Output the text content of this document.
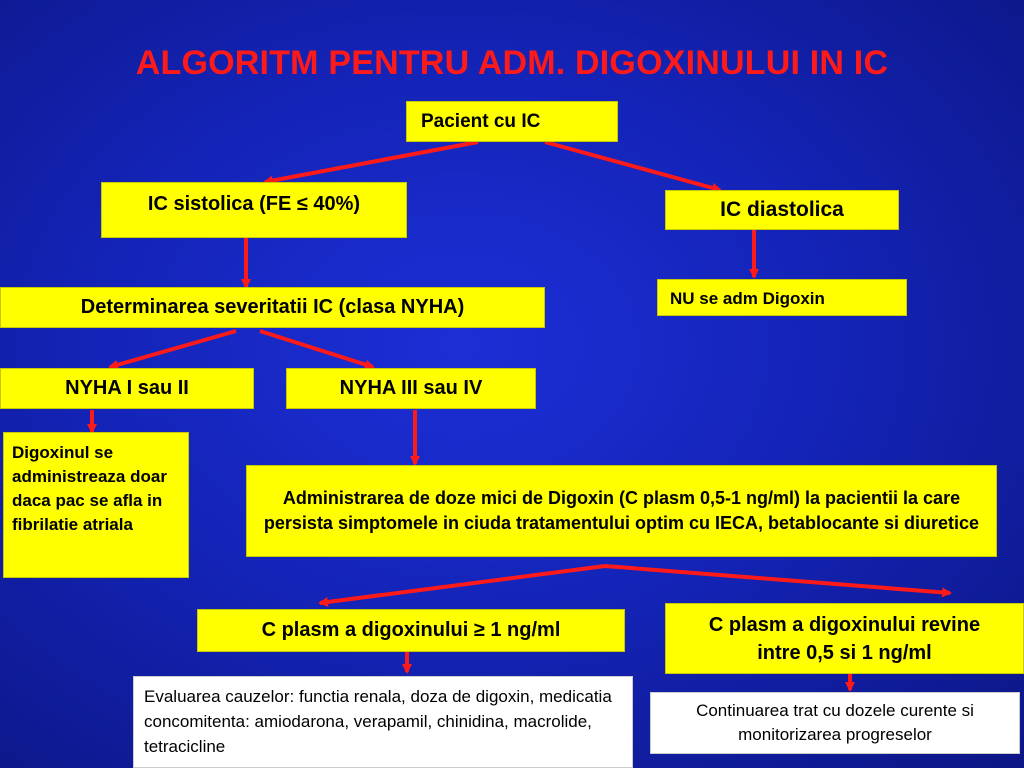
ALGORITM PENTRU ADM. DIGOXINULUI IN IC
Pacient cu IC
IC sistolica (FE ≤ 40%)	IC diastolica
NU se adm Digoxin
Determinarea severitatii IC (clasa NYHA)
NYHA I sau II	NYHA III sau IV
Digoxinul se administreaza doar daca pac se afla in fibrilatie atriala
Administrarea de doze mici de Digoxin (C plasm 0,5-1 ng/ml) la pacientii la care persista simptomele in ciuda tratamentului optim cu IECA, betablocante si diuretice
C plasm a digoxinului ≥ 1 ng/ml	C plasm a digoxinului revine intre 0,5 si 1 ng/ml
Evaluarea cauzelor: functia renala, doza de digoxin, medicatia concomitenta: amiodarona, verapamil, chinidina, macrolide, tetracicline
Continuarea trat cu dozele curente si monitorizarea progreselor
